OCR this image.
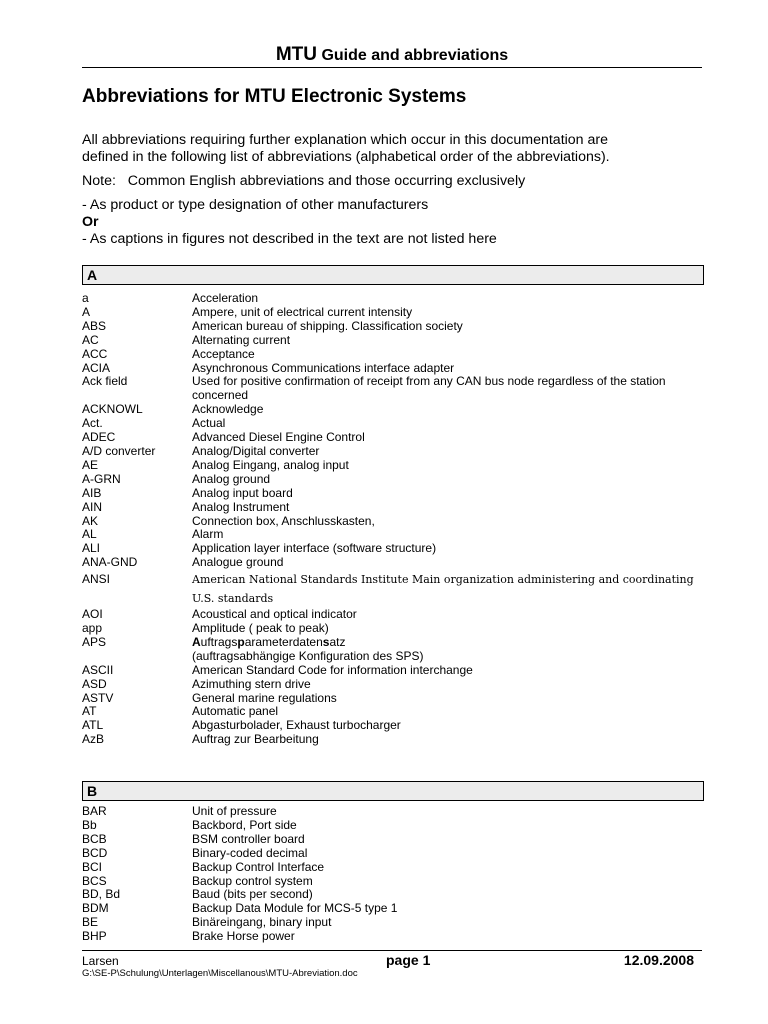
MTU Guide and abbreviations
Abbreviations for MTU Electronic Systems
All abbreviations requiring further explanation which occur in this documentation are
defined in the following list of abbreviations (alphabetical order of the abbreviations).
Note:   Common English abbreviations and those occurring exclusively
- As product or type designation of other manufacturers
Or
- As captions in figures not described in the text are not listed here
A
a	Acceleration
A	Ampere, unit of electrical current intensity
ABS	American bureau of shipping. Classification society
AC	Alternating current
ACC	Acceptance
ACIA	Asynchronous Communications interface adapter
Ack field	Used for positive confirmation of receipt from any CAN bus node regardless of the station concerned
ACKNOWL	Acknowledge
Act.	Actual
ADEC	Advanced Diesel Engine Control
A/D converter	Analog/Digital converter
AE	Analog Eingang, analog input
A-GRN	Analog ground
AIB	Analog input board
AIN	Analog Instrument
AK	Connection box, Anschlusskasten,
AL	Alarm
ALI	Application layer interface (software structure)
ANA-GND	Analogue ground
ANSI	American National Standards Institute Main organization administering and coordinating U.S. standards
AOI	Acoustical and optical indicator
app	Amplitude ( peak to peak)
APS	Auftragsparameterdatensatz
(auftragsabhängige Konfiguration des SPS)
ASCII	American Standard Code for information interchange
ASD	Azimuthing stern drive
ASTV	General marine regulations
AT	Automatic panel
ATL	Abgasturbolader, Exhaust turbocharger
AzB	Auftrag zur Bearbeitung
B
BAR	Unit of pressure
Bb	Backbord, Port side
BCB	BSM controller board
BCD	Binary-coded decimal
BCI	Backup Control Interface
BCS	Backup control system
BD, Bd	Baud (bits per second)
BDM	Backup Data Module for MCS-5 type 1
BE	Binäreingang, binary input
BHP	Brake Horse power
Larsen	page 1	12.09.2008
G:\SE-P\Schulung\Unterlagen\Miscellanous\MTU-Abreviation.doc
